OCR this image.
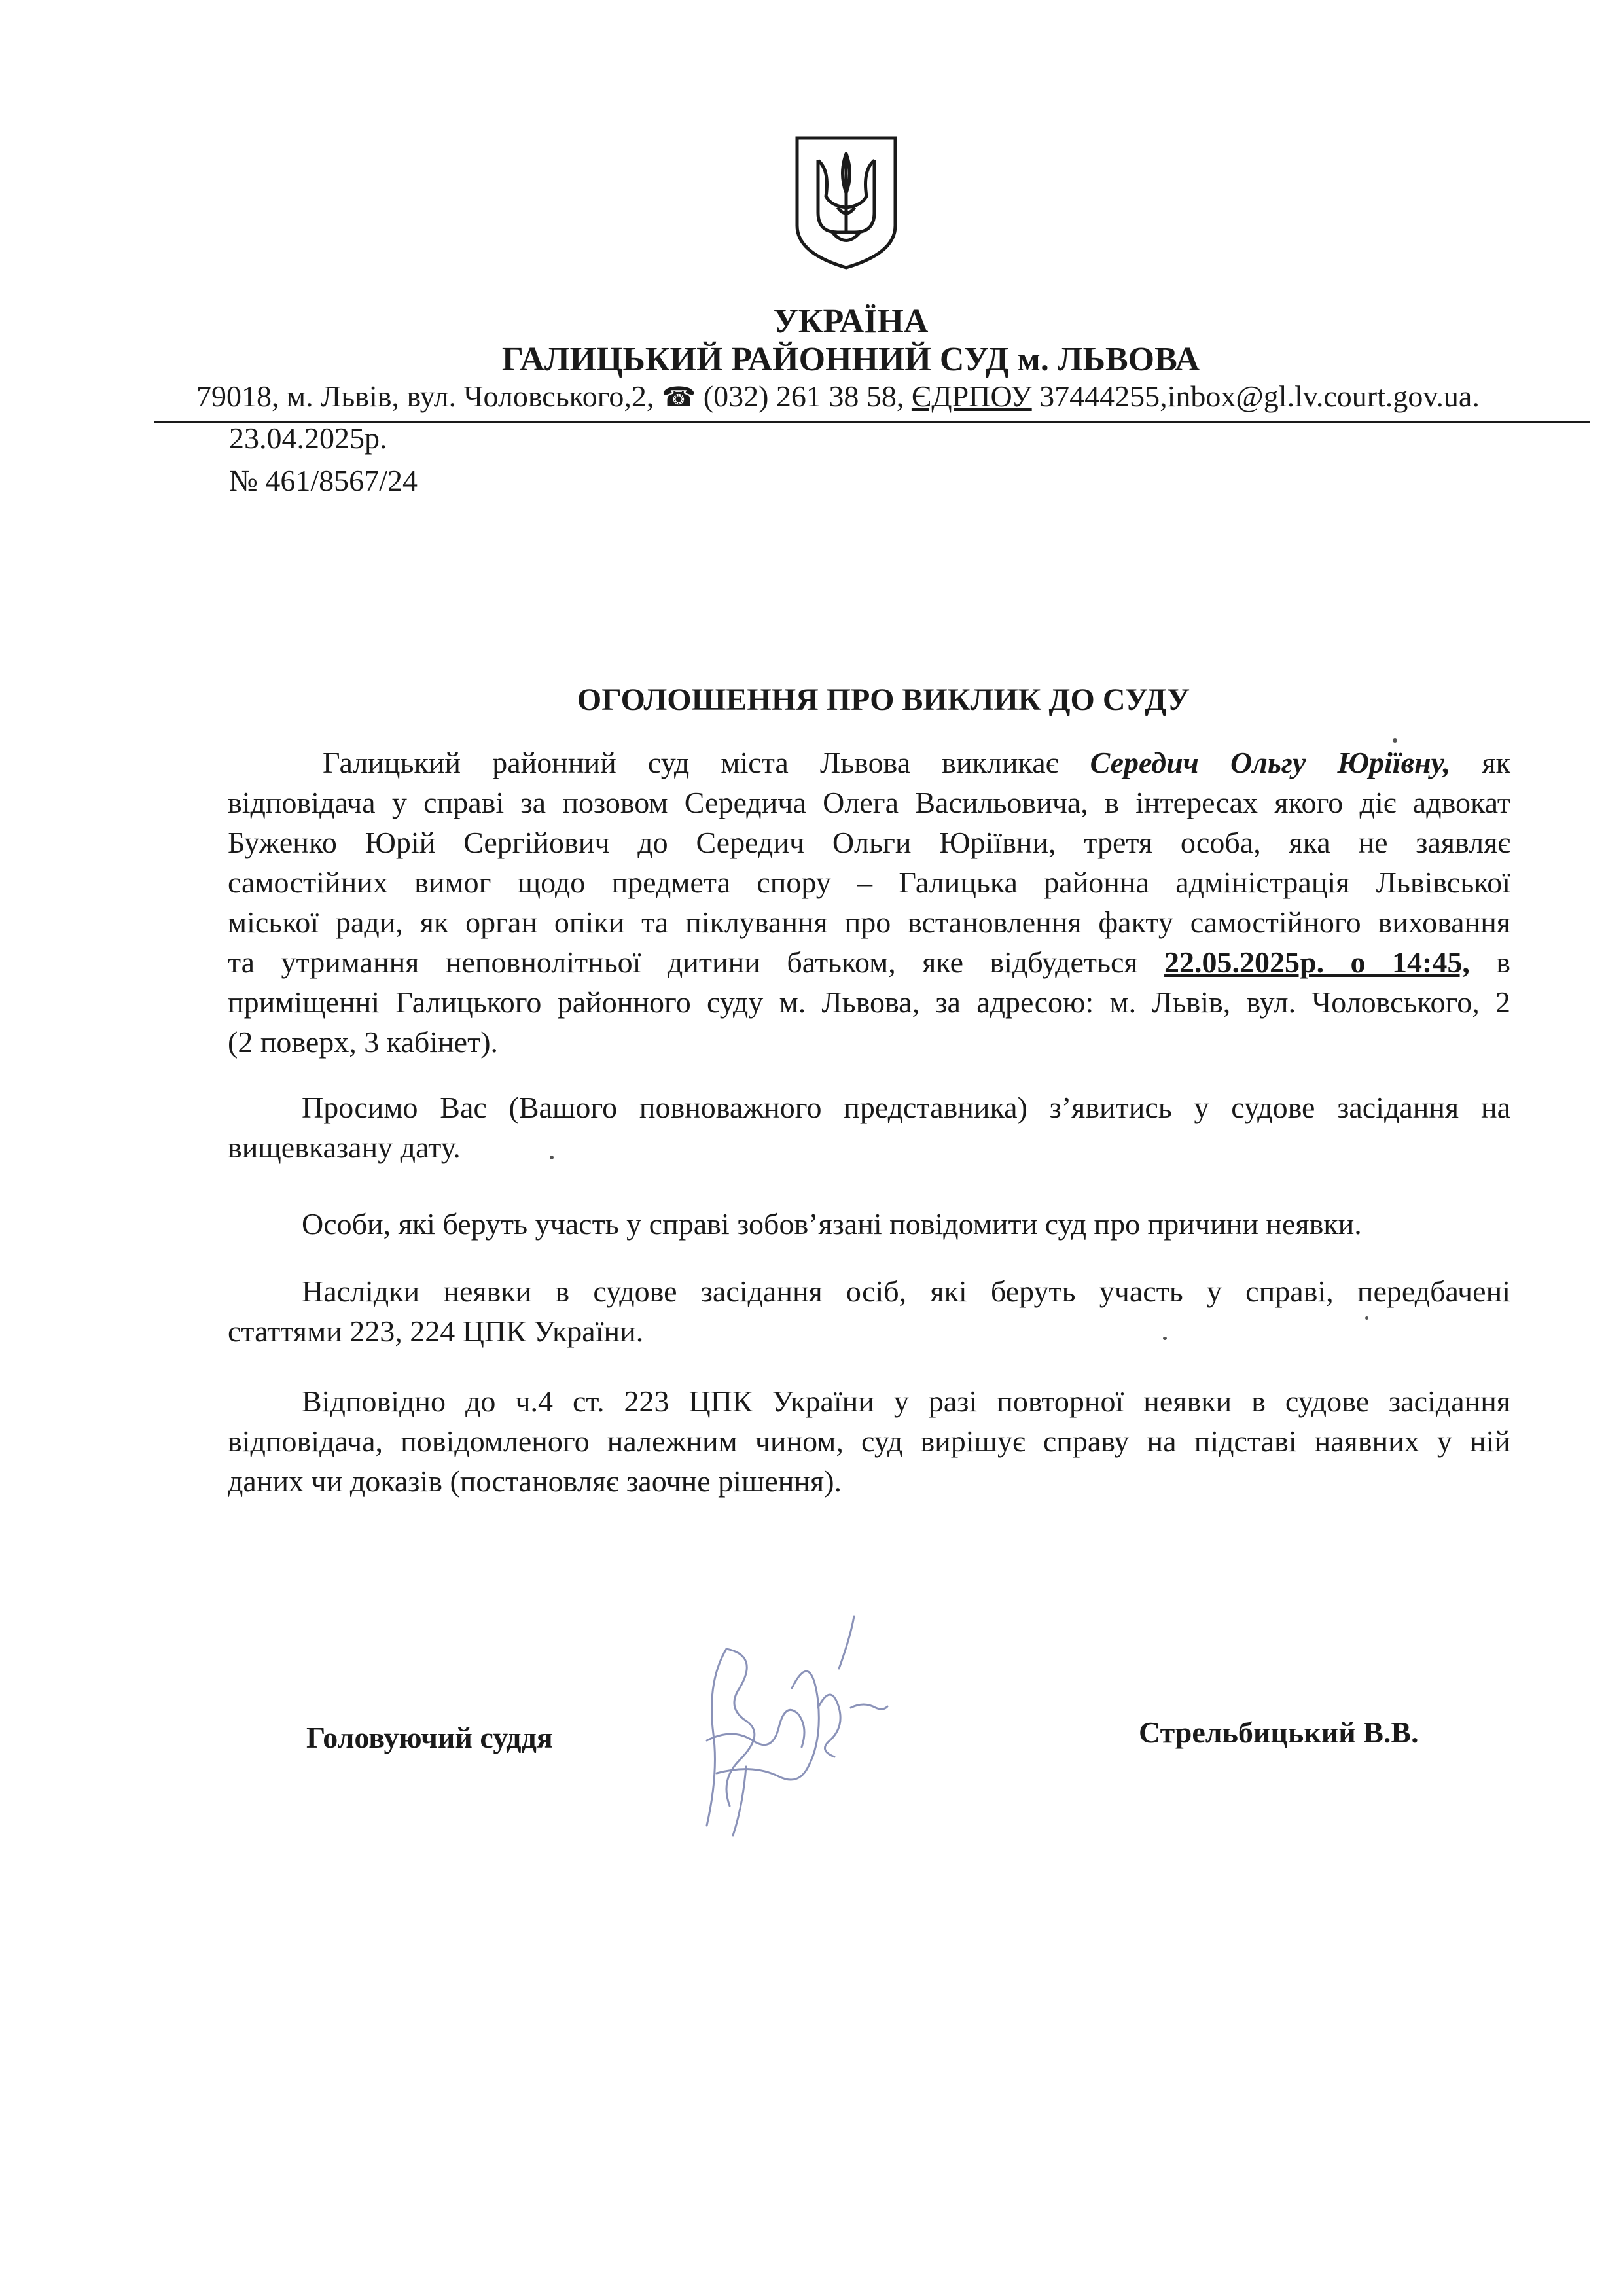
УКРАЇНА
ГАЛИЦЬКИЙ РАЙОННИЙ СУД м. ЛЬВОВА
79018, м. Львів, вул. Чоловського,2, ☎ (032) 261 38 58, ЄДРПОУ 37444255,inbox@gl.lv.court.gov.ua.
23.04.2025р.
№ 461/8567/24
ОГОЛОШЕННЯ ПРО ВИКЛИК ДО СУДУ
Галицький районний суд міста Львова викликає Середич Ольгу Юріївну, як
відповідача у справі за позовом Середича Олега Васильовича, в інтересах якого діє адвокат
Буженко Юрій Сергійович до Середич Ольги Юріївни, третя особа, яка не заявляє
самостійних вимог щодо предмета спору – Галицька районна адміністрація Львівської
міської ради, як орган опіки та піклування про встановлення факту самостійного виховання
та утримання неповнолітньої дитини батьком, яке відбудеться 22.05.2025р. о 14:45, в
приміщенні Галицького районного суду м. Львова, за адресою: м. Львів, вул. Чоловського, 2
(2 поверх, 3 кабінет).
Просимо Вас (Вашого повноважного представника) з’явитись у судове засідання на
вищевказану дату.
Особи, які беруть участь у справі зобов’язані повідомити суд про причини неявки.
Наслідки неявки в судове засідання осіб, які беруть участь у справі, передбачені
статтями 223, 224 ЦПК України.
Відповідно до ч.4 ст. 223 ЦПК України у разі повторної неявки в судове засідання
відповідача, повідомленого належним чином, суд вирішує справу на підставі наявних у ній
даних чи доказів (постановляє заочне рішення).
Головуючий суддя	Стрельбицький В.В.
